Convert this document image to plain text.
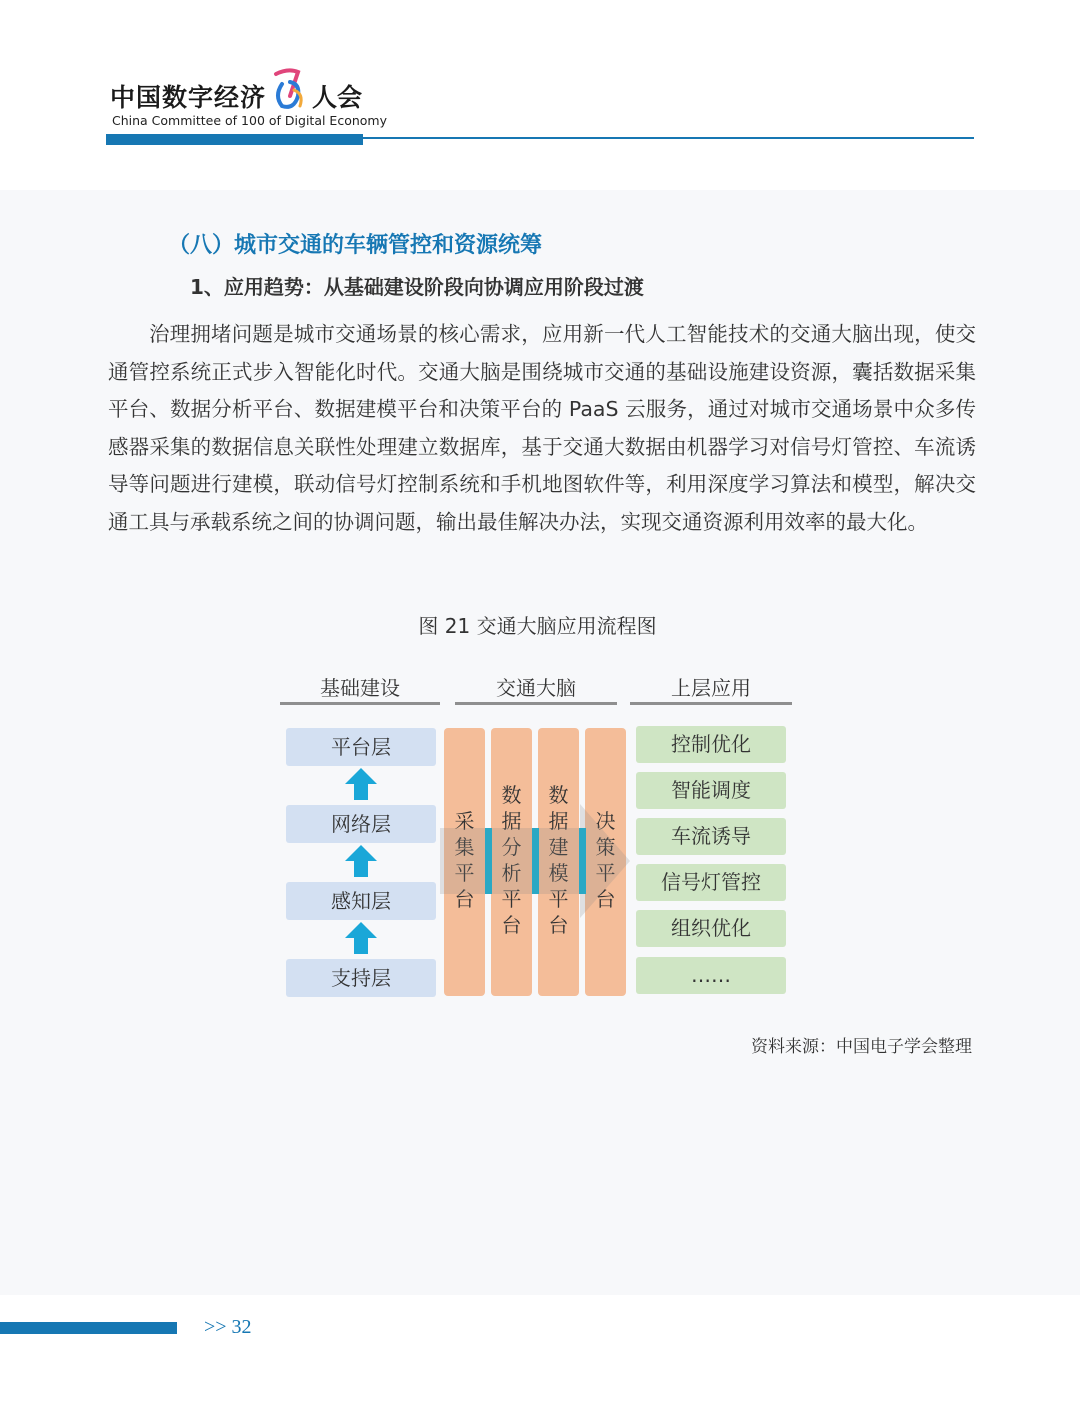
中国数字经济 人会
China Committee of 100 of Digital Economy
（八）城市交通的车辆管控和资源统筹
1、应用趋势：从基础建设阶段向协调应用阶段过渡
治理拥堵问题是城市交通场景的核心需求，应用新一代人工智能技术的交通大脑出现，使交通管控系统正式步入智能化时代。交通大脑是围绕城市交通的基础设施建设资源，囊括数据采集平台、数据分析平台、数据建模平台和决策平台的 PaaS 云服务，通过对城市交通场景中众多传感器采集的数据信息关联性处理建立数据库，基于交通大数据由机器学习对信号灯管控、车流诱导等问题进行建模，联动信号灯控制系统和手机地图软件等，利用深度学习算法和模型，解决交通工具与承载系统之间的协调问题，输出最佳解决办法，实现交通资源利用效率的最大化。
图 21 交通大脑应用流程图
基础建设	交通大脑	上层应用
平台层
网络层
感知层
支持层
采
集
平
台
数
据
分
析
平
台
数
据
建
模
平
台
决
策
平
台
控制优化
智能调度
车流诱导
信号灯管控
组织优化
……
资料来源：中国电子学会整理
>> 32
